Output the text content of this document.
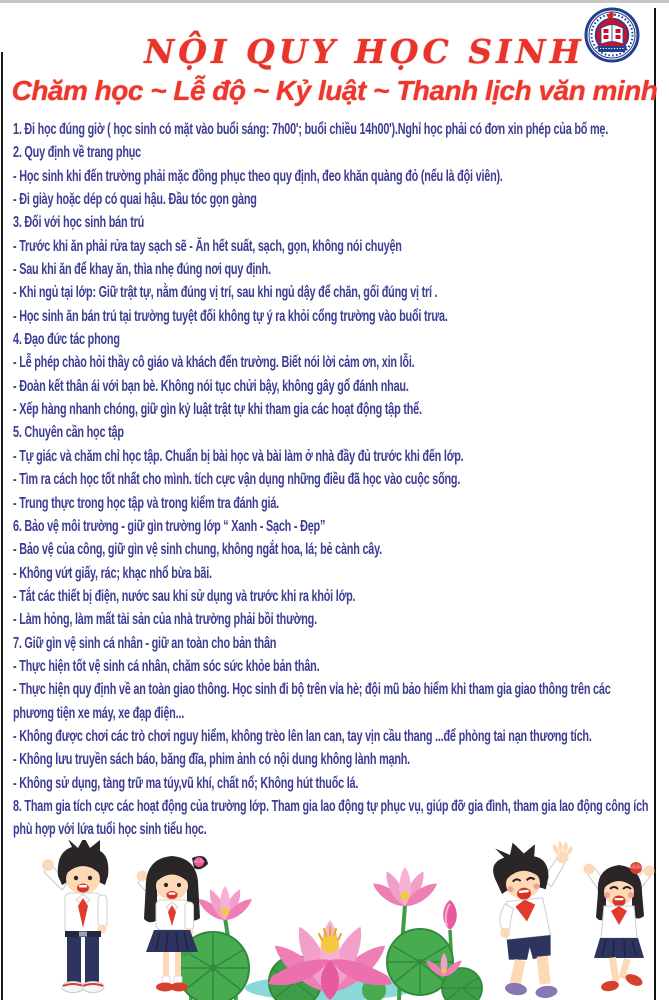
NỘI QUY HỌC SINH
Chăm học ~ Lễ độ ~ Kỷ luật ~ Thanh lịch văn minh

1. Đi học đúng giờ ( học sinh có mặt vào buổi sáng: 7h00'; buổi chiều 14h00').Nghỉ học phải có đơn xin phép của bố mẹ.

2. Quy định về trang phục

- Học sinh khi đến trường phải mặc đồng phục theo quy định, đeo khăn quàng đỏ (nếu là đội viên).

- Đi giày hoặc dép có quai hậu. Đầu tóc gọn gàng

3. Đối với học sinh bán trú

- Trước khi ăn phải rửa tay sạch sẽ - Ăn hết suất, sạch, gọn, không nói chuyện

- Sau khi ăn để khay ăn, thìa nhẹ đúng nơi quy định.

- Khi ngủ tại lớp: Giữ trật tự, nằm đúng vị trí, sau khi ngủ dậy để chăn, gối đúng vị trí .

- Học sinh ăn bán trú tại trường tuyệt đối không tự ý ra khỏi cổng trường vào buổi trưa.

4. Đạo đức tác phong

- Lễ phép chào hỏi thầy cô giáo và khách đến trường. Biết nói lời cảm ơn, xin lỗi.

- Đoàn kết thân ái với bạn bè. Không nói tục chửi bậy, không gây gổ đánh nhau.

- Xếp hàng nhanh chóng, giữ gìn kỷ luật trật tự khi tham gia các hoạt động tập thể.

5. Chuyên cần học tập

- Tự giác và chăm chỉ học tập. Chuẩn bị bài học và bài làm ở nhà đầy đủ trước khi đến lớp.

- Tìm ra cách học tốt nhất cho mình. tích cực vận dụng những điều đã học vào cuộc sống.

- Trung thực trong học tập và trong kiểm tra đánh giá.

6. Bảo vệ môi trường - giữ gìn trường lớp “ Xanh - Sạch - Đẹp”

- Bảo vệ của công, giữ gìn vệ sinh chung, không ngắt hoa, lá; bẻ cành cây.

- Không vứt giấy, rác; khạc nhổ bừa bãi.

- Tắt các thiết bị điện, nước sau khi sử dụng và trước khi ra khỏi lớp.

- Làm hỏng, làm mất tài sản của nhà trường phải bồi thường.

7. Giữ gìn vệ sinh cá nhân - giữ an toàn cho bản thân

- Thực hiện tốt vệ sinh cá nhân, chăm sóc sức khỏe bản thân.

- Thực hiện quy định về an toàn giao thông. Học sinh đi bộ trên vỉa hè; đội mũ bảo hiểm khi tham gia giao thông trên các phương tiện xe máy, xe đạp điện...

- Không được chơi các trò chơi nguy hiểm, không trèo lên lan can, tay vịn cầu thang ...để phòng tai nạn thương tích.

- Không lưu truyền sách báo, băng đĩa, phim ảnh có nội dung không lành mạnh.

- Không sử dụng, tàng trữ ma túy,vũ khí, chất nổ; Không hút thuốc lá.

8. Tham gia tích cực các hoạt động của trường lớp. Tham gia lao động tự phục vụ, giúp đỡ gia đình, tham gia lao động công ích phù hợp với lứa tuổi học sinh tiểu học.
